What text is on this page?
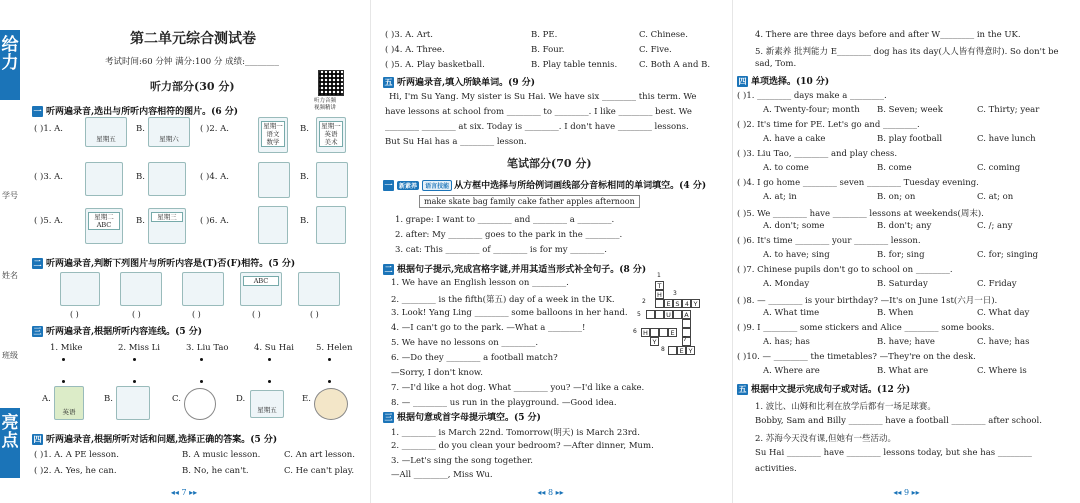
给力
亮点
学号
姓名
班级
第二单元综合测试卷
考试时间:60 分钟 满分:100 分 成绩:________
听力部分(30 分)
听力音频
视频精讲
一 听两遍录音,选出与所听内容相符的图片。(6 分)
( )1. A.
星期五
B.
星期六
( )2. A.	星期一
语文
数学
B.	星期一
英语
美术
( )3. A.	B.	( )4. A.	B.
( )5. A.	星期二
ABC	B.	星期三	( )6. A.	B.
二 听两遍录音,判断下列图片与所听内容是(T)否(F)相符。(5 分)
ABC
( )	( )	( )	( )	( )
三 听两遍录音,根据所听内容连线。(5 分)
1. Mike	2. Miss Li	3. Liu Tao	4. Su Hai	5. Helen
A.
英语
B.	C.	D.
星期五
E.
四 听两遍录音,根据所听对话和问题,选择正确的答案。(5 分)
( )1. A. A PE lesson.	B. A music lesson.	C. An art lesson.
( )2. A. Yes, he can.	B. No, he can't.	C. He can't play.
◂◂ 7 ▸▸
( )3. A. Art.	B. PE.	C. Chinese.
( )4. A. Three.	B. Four.	C. Five.
( )5. A. Play basketball.	B. Play table tennis.	C. Both A and B.
五 听两遍录音,填入所缺单词。(9 分)
Hi, I'm Su Yang. My sister is Su Hai. We have six ________ this term. We
have lessons at school from ________ to ________. I like ________ best. We
________ ________ at six. Today is ________. I don't have ________ lessons.
But Su Hai has a ________ lesson.
笔试部分(70 分)
一 新素养 语言技能 从方框中选择与所给例词画线部分音标相同的单词填空。(4 分)
make skate bag family cake father apples afternoon
1. grape: I want to ________ and ________ a ________.
2. after: My ________ goes to the park in the ________.
3. cat: This ________ of ________ is for my ________.
二 根据句子提示,完成宫格字谜,并用其适当形式补全句子。(8 分)
1. We have an English lesson on ________.
2. ________ is the fifth(第五) day of a week in the UK.
3. Look! Yang Ling ________ some balloons in her hand.
4. —I can't go to the park. —What a ________!
5. We have no lessons on ________.
6. —Do they ________ a football match?
—Sorry, I don't know.
7. —I'd like a hot dog. What ________ you? —I'd like a cake.
8. — ________ us run in the playground. —Good idea.
1
T
H
2	E S	Y
3
5	U	A
4
6 H	E
7
Y
8	E Y
三 根据句意或首字母提示填空。(5 分)
1. ________ is March 22nd. Tomorrow(明天) is March 23rd.
2. ________ do you clean your bedroom? —After dinner, Mum.
3. —Let's sing the song together.
—All ________, Miss Wu.
◂◂ 8 ▸▸
4. There are three days before and after W________ in the UK.
5. 新素养 批判能力 E________ dog has its day(人人皆有得意时). So don't be
sad, Tom.
四 单项选择。(10 分)
( )1. ________ days make a ________.
A. Twenty-four; month B. Seven; week	C. Thirty; year
( )2. It's time for PE. Let's go and ________.
A. have a cake	B. play football	C. have lunch
( )3. Liu Tao, ________ and play chess.
A. to come	B. come	C. coming
( )4. I go home ________ seven ________ Tuesday evening.
A. at; in	B. on; on	C. at; on
( )5. We ________ have ________ lessons at weekends(周末).
A. don't; some	B. don't; any	C. /; any
( )6. It's time ________ your ________ lesson.
A. to have; sing	B. for; sing	C. for; singing
( )7. Chinese pupils don't go to school on ________.
A. Monday	B. Saturday	C. Friday
( )8. — ________ is your birthday? —It's on June 1st(六月一日).
A. What time	B. When	C. What day
( )9. I ________ some stickers and Alice ________ some books.
A. has; has	B. have; have	C. have; has
( )10. — ________ the timetables? —They're on the desk.
A. Where are	B. What are	C. Where is
五 根据中文提示完成句子或对话。(12 分)
1. 波比、山姆和比利在放学后都有一场足球赛。
Bobby, Sam and Billy ________ have a football ________ after school.
2. 苏海今天没有课,但她有一些活动。
Su Hai ________ have ________ lessons today, but she has ________
activities.
◂◂ 9 ▸▸
